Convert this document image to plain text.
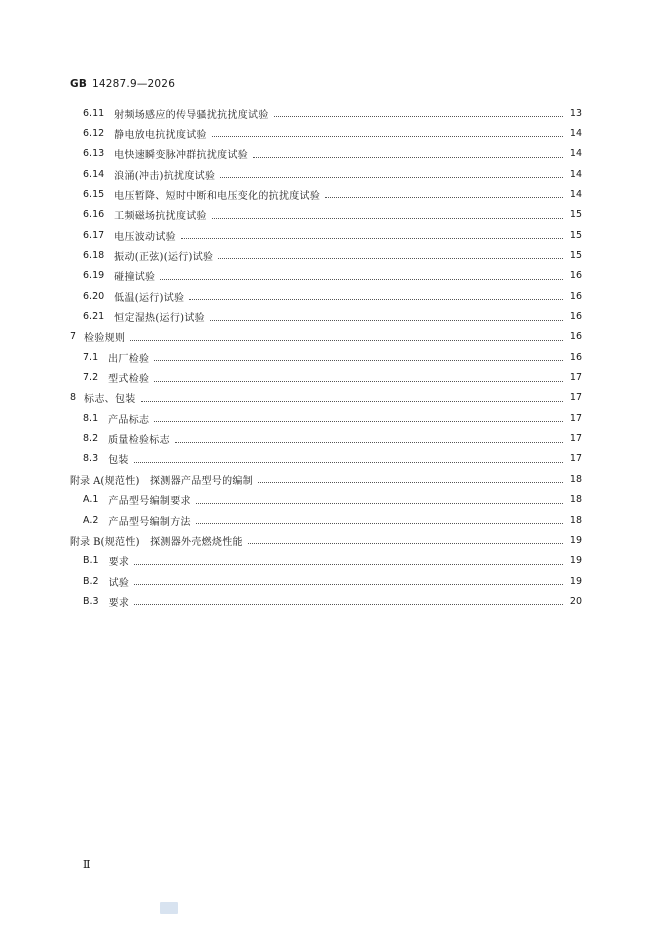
GB 14287.9—2026
6.11 射频场感应的传导骚扰抗扰度试验	13
6.12 静电放电抗扰度试验	14
6.13 电快速瞬变脉冲群抗扰度试验	14
6.14 浪涌(冲击)抗扰度试验	14
6.15 电压暂降、短时中断和电压变化的抗扰度试验	14
6.16 工频磁场抗扰度试验	15
6.17 电压波动试验	15
6.18 振动(正弦)(运行)试验	15
6.19 碰撞试验	16
6.20 低温(运行)试验	16
6.21 恒定湿热(运行)试验	16
7 检验规则	16
7.1 出厂检验	16
7.2 型式检验	17
8 标志、包装	17
8.1 产品标志	17
8.2 质量检验标志	17
8.3 包装	17
附录 A (规范性)　探测器产品型号的编制	18
A.1 产品型号编制要求	18
A.2 产品型号编制方法	18
附录 B (规范性)　探测器外壳燃烧性能	19
B.1 要求	19
B.2 试验	19
B.3 要求	20
Ⅱ
